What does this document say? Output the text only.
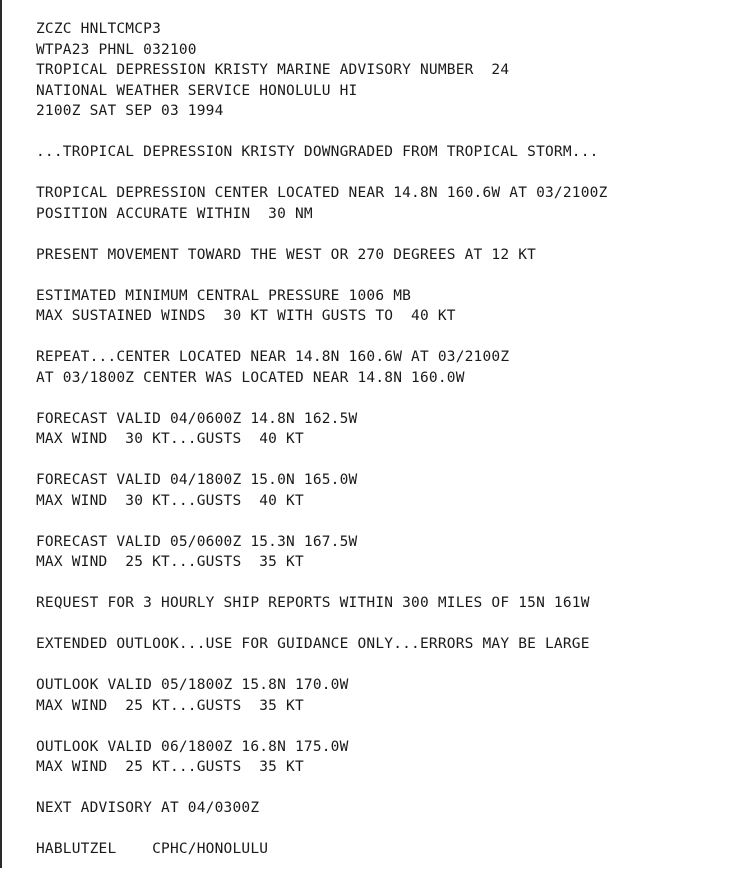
ZCZC HNLTCMCP3
WTPA23 PHNL 032100
TROPICAL DEPRESSION KRISTY MARINE ADVISORY NUMBER  24
NATIONAL WEATHER SERVICE HONOLULU HI
2100Z SAT SEP 03 1994
...TROPICAL DEPRESSION KRISTY DOWNGRADED FROM TROPICAL STORM...
TROPICAL DEPRESSION CENTER LOCATED NEAR 14.8N 160.6W AT 03/2100Z
POSITION ACCURATE WITHIN  30 NM
PRESENT MOVEMENT TOWARD THE WEST OR 270 DEGREES AT 12 KT
ESTIMATED MINIMUM CENTRAL PRESSURE 1006 MB
MAX SUSTAINED WINDS  30 KT WITH GUSTS TO  40 KT
REPEAT...CENTER LOCATED NEAR 14.8N 160.6W AT 03/2100Z
AT 03/1800Z CENTER WAS LOCATED NEAR 14.8N 160.0W
FORECAST VALID 04/0600Z 14.8N 162.5W
MAX WIND  30 KT...GUSTS  40 KT
FORECAST VALID 04/1800Z 15.0N 165.0W
MAX WIND  30 KT...GUSTS  40 KT
FORECAST VALID 05/0600Z 15.3N 167.5W
MAX WIND  25 KT...GUSTS  35 KT
REQUEST FOR 3 HOURLY SHIP REPORTS WITHIN 300 MILES OF 15N 161W
EXTENDED OUTLOOK...USE FOR GUIDANCE ONLY...ERRORS MAY BE LARGE
OUTLOOK VALID 05/1800Z 15.8N 170.0W
MAX WIND  25 KT...GUSTS  35 KT
OUTLOOK VALID 06/1800Z 16.8N 175.0W
MAX WIND  25 KT...GUSTS  35 KT
NEXT ADVISORY AT 04/0300Z
HABLUTZEL    CPHC/HONOLULU
